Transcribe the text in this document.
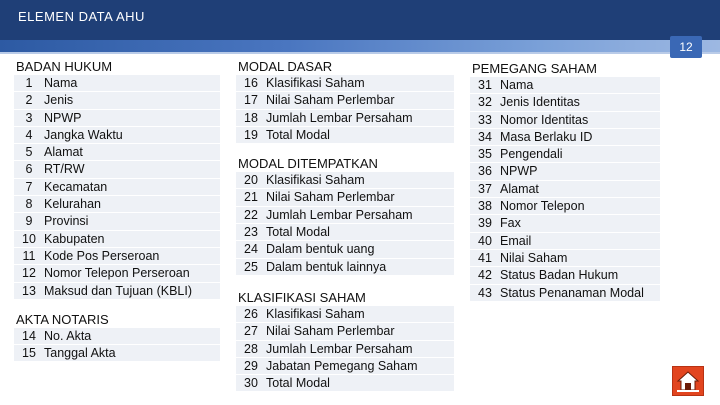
ELEMEN DATA AHU
12
BADAN HUKUM
1 Nama
2 Jenis
3 NPWP
4 Jangka Waktu
5 Alamat
6 RT/RW
7 Kecamatan
8 Kelurahan
9 Provinsi
10 Kabupaten
11 Kode Pos Perseroan
12 Nomor Telepon Perseroan
13 Maksud dan Tujuan (KBLI)
AKTA NOTARIS
14 No. Akta
15 Tanggal Akta
MODAL DASAR
16 Klasifikasi Saham
17 Nilai Saham Perlembar
18 Jumlah Lembar Persaham
19 Total Modal
MODAL DITEMPATKAN
20 Klasifikasi Saham
21 Nilai Saham Perlembar
22 Jumlah Lembar Persaham
23 Total Modal
24 Dalam bentuk uang
25 Dalam bentuk lainnya
KLASIFIKASI SAHAM
26 Klasifikasi Saham
27 Nilai Saham Perlembar
28 Jumlah Lembar Persaham
29 Jabatan Pemegang Saham
30 Total Modal
PEMEGANG SAHAM
31 Nama
32 Jenis Identitas
33 Nomor Identitas
34 Masa Berlaku ID
35 Pengendali
36 NPWP
37 Alamat
38 Nomor Telepon
39 Fax
40 Email
41 Nilai Saham
42 Status Badan Hukum
43 Status Penanaman Modal
